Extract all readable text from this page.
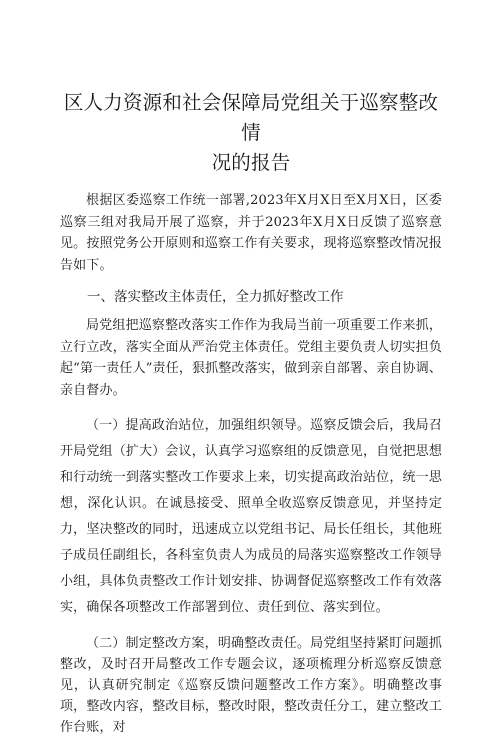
区人力资源和社会保障局党组关于巡察整改情
况的报告

根据区委巡察工作统一部署,2023年X月X日至X月X日，区委巡察三组对我局开展了巡察，并于2023年X月X日反馈了巡察意见。按照党务公开原则和巡察工作有关要求，现将巡察整改情况报告如下。

一、落实整改主体责任，全力抓好整改工作

局党组把巡察整改落实工作作为我局当前一项重要工作来抓，立行立改，落实全面从严治党主体责任。党组主要负责人切实担负起“第一责任人”责任，狠抓整改落实，做到亲自部署、亲自协调、亲自督办。

（一）提高政治站位，加强组织领导。巡察反馈会后，我局召开局党组（扩大）会议，认真学习巡察组的反馈意见，自觉把思想和行动统一到落实整改工作要求上来，切实提高政治站位，统一思想，深化认识。在诚恳接受、照单全收巡察反馈意见，并坚持定力，坚决整改的同时，迅速成立以党组书记、局长任组长，其他班子成员任副组长，各科室负责人为成员的局落实巡察整改工作领导小组，具体负责整改工作计划安排、协调督促巡察整改工作有效落实，确保各项整改工作部署到位、责任到位、落实到位。

（二）制定整改方案，明确整改责任。局党组坚持紧盯问题抓整改，及时召开局整改工作专题会议，逐项梳理分析巡察反馈意见，认真研究制定《巡察反馈问题整改工作方案》。明确整改事项，整改内容，整改目标，整改时限，整改责任分工，建立整改工作台账，对
